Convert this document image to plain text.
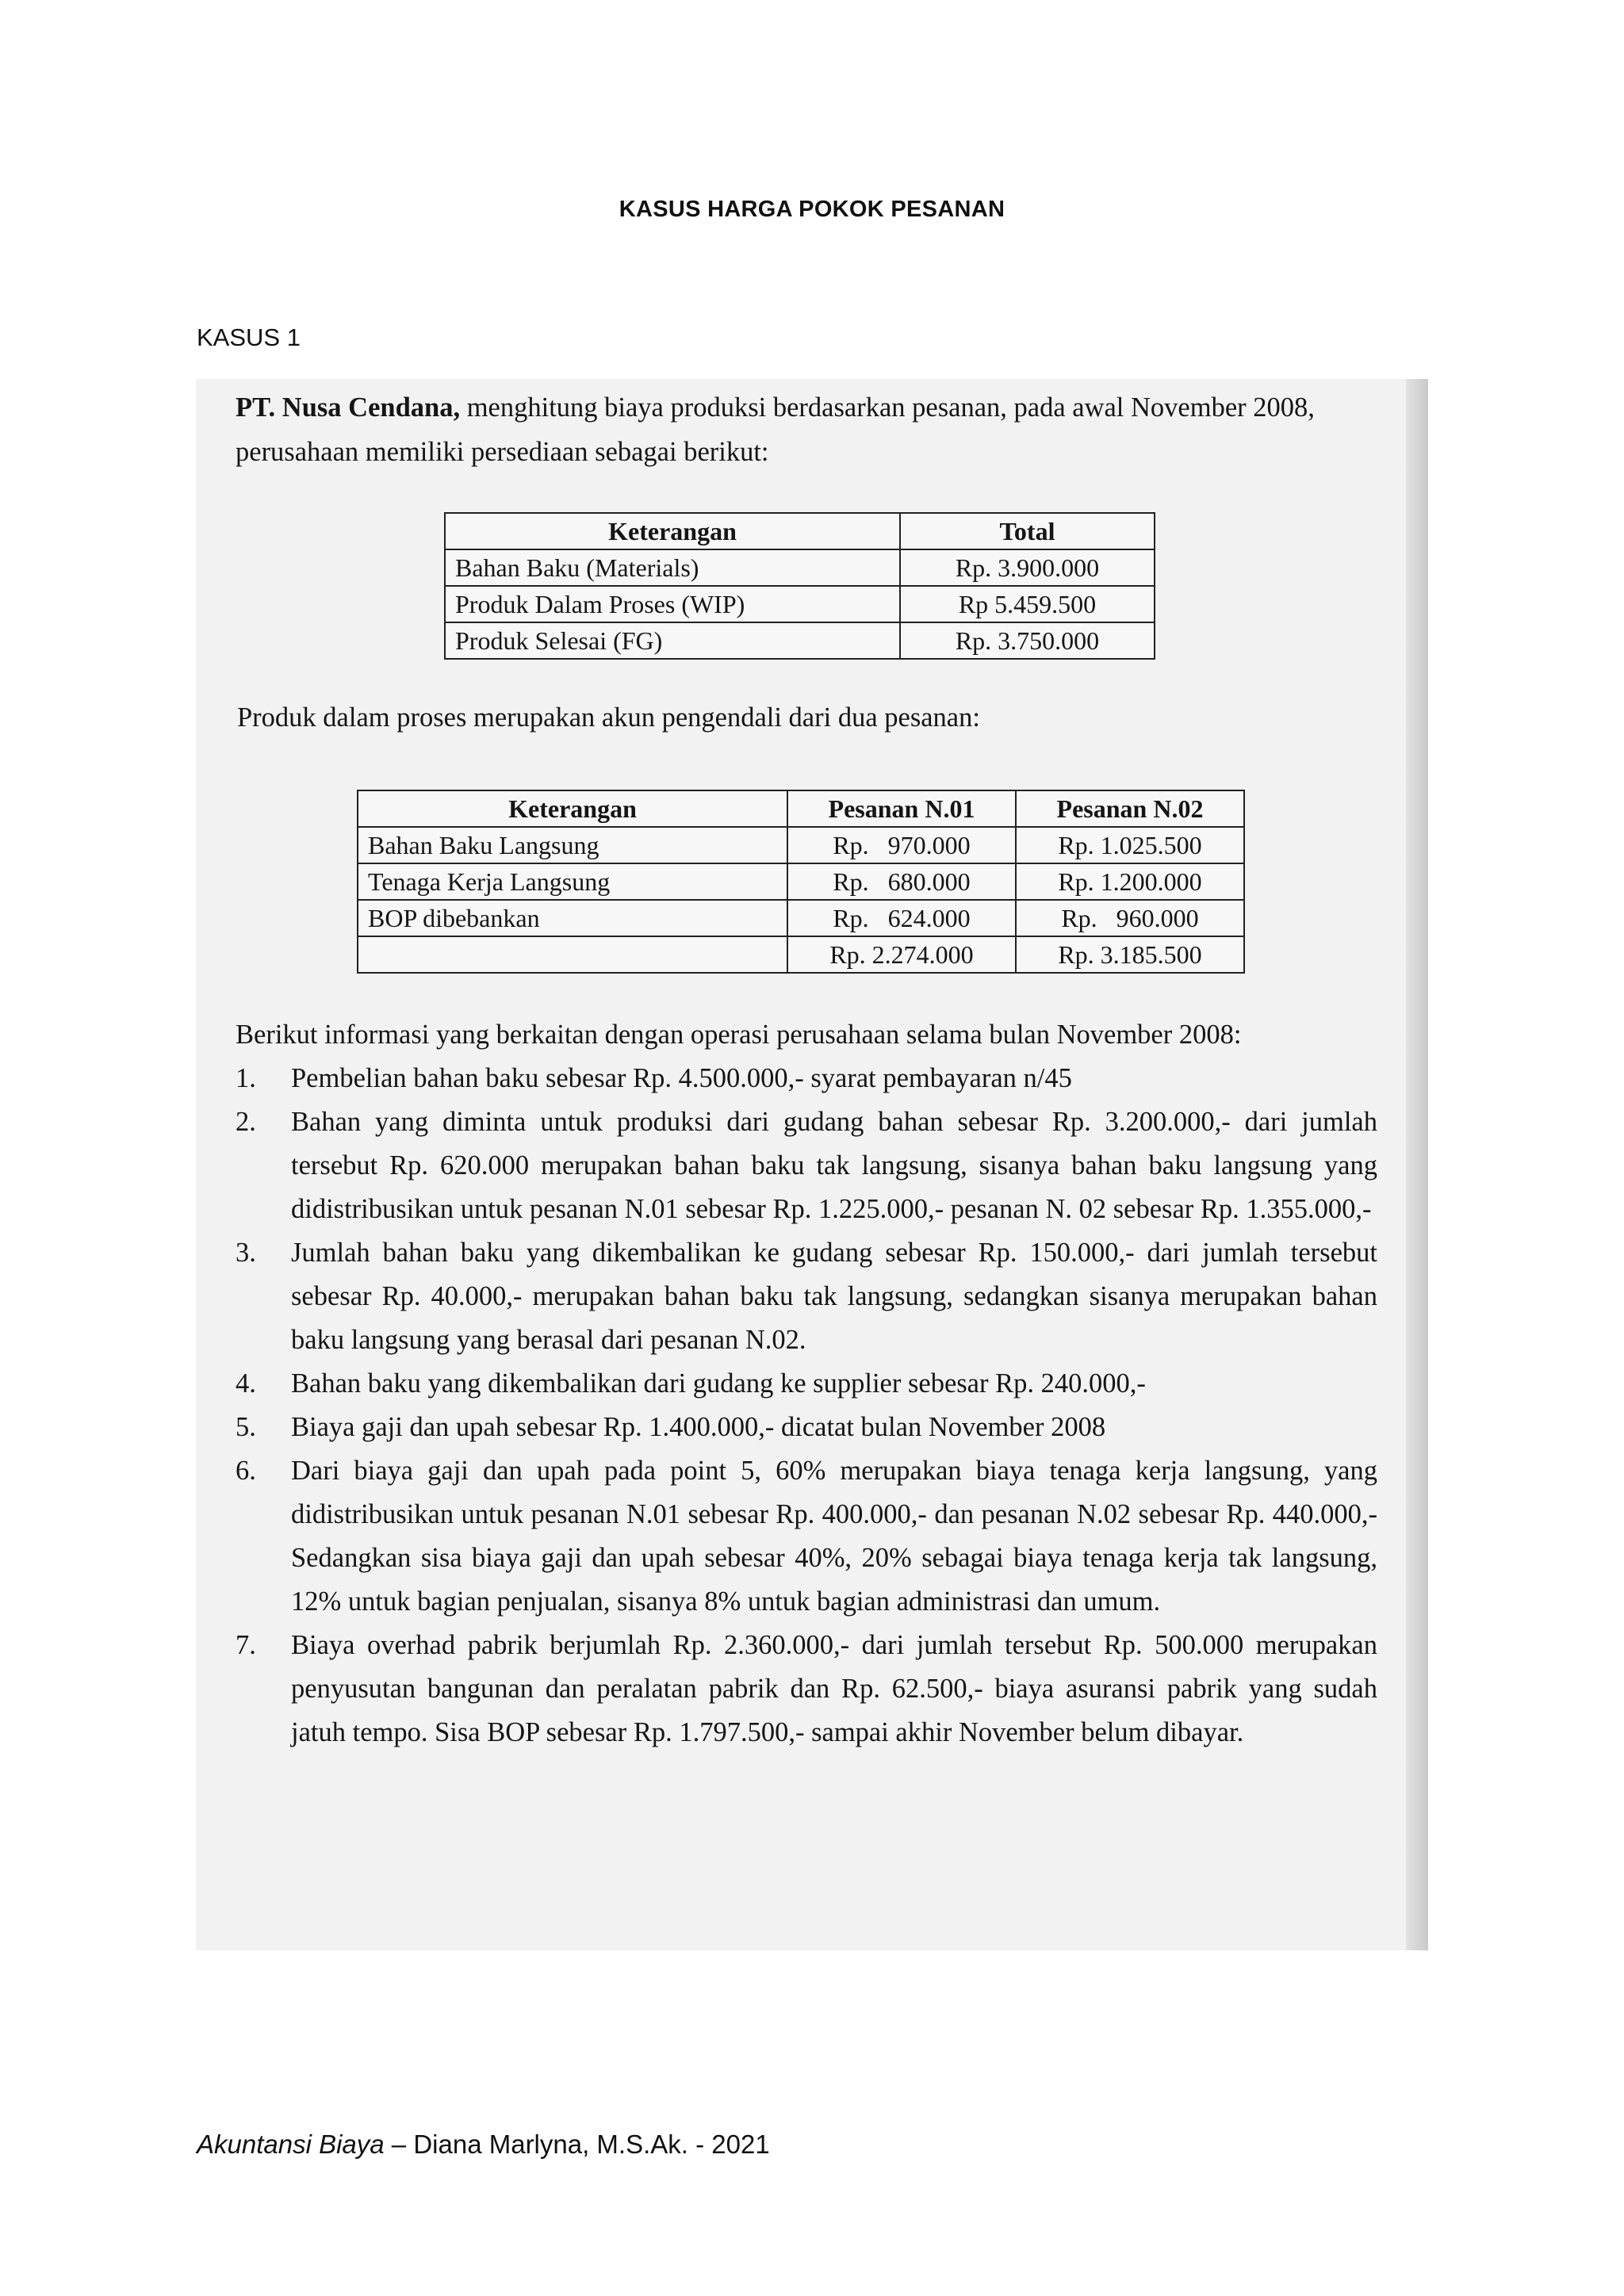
KASUS HARGA POKOK PESANAN
KASUS 1
PT. Nusa Cendana, menghitung biaya produksi berdasarkan pesanan, pada awal November 2008, perusahaan memiliki persediaan sebagai berikut:
Keterangan	Total
Bahan Baku (Materials)	Rp. 3.900.000
Produk Dalam Proses (WIP)	Rp 5.459.500
Produk Selesai (FG)	Rp. 3.750.000
Produk dalam proses merupakan akun pengendali dari dua pesanan:
Keterangan	Pesanan N.01	Pesanan N.02
Bahan Baku Langsung	Rp.   970.000	Rp. 1.025.500
Tenaga Kerja Langsung	Rp.   680.000	Rp. 1.200.000
BOP dibebankan	Rp.   624.000	Rp.   960.000
	Rp. 2.274.000	Rp. 3.185.500
Berikut informasi yang berkaitan dengan operasi perusahaan selama bulan November 2008:
1. Pembelian bahan baku sebesar Rp. 4.500.000,- syarat pembayaran n/45
2. Bahan yang diminta untuk produksi dari gudang bahan sebesar Rp. 3.200.000,- dari jumlah tersebut Rp. 620.000 merupakan bahan baku tak langsung, sisanya bahan baku langsung yang didistribusikan untuk pesanan N.01 sebesar Rp. 1.225.000,- pesanan N. 02 sebesar Rp. 1.355.000,-
3. Jumlah bahan baku yang dikembalikan ke gudang sebesar Rp. 150.000,- dari jumlah tersebut sebesar Rp. 40.000,- merupakan bahan baku tak langsung, sedangkan sisanya merupakan bahan baku langsung yang berasal dari pesanan N.02.
4. Bahan baku yang dikembalikan dari gudang ke supplier sebesar Rp. 240.000,-
5. Biaya gaji dan upah sebesar Rp. 1.400.000,- dicatat bulan November 2008
6. Dari biaya gaji dan upah pada point 5, 60% merupakan biaya tenaga kerja langsung, yang didistribusikan untuk pesanan N.01 sebesar Rp. 400.000,- dan pesanan N.02 sebesar Rp. 440.000,- Sedangkan sisa biaya gaji dan upah sebesar 40%, 20% sebagai biaya tenaga kerja tak langsung, 12% untuk bagian penjualan, sisanya 8% untuk bagian administrasi dan umum.
7. Biaya overhad pabrik berjumlah Rp. 2.360.000,- dari jumlah tersebut Rp. 500.000 merupakan penyusutan bangunan dan peralatan pabrik dan Rp. 62.500,- biaya asuransi pabrik yang sudah jatuh tempo. Sisa BOP sebesar Rp. 1.797.500,- sampai akhir November belum dibayar.
Akuntansi Biaya – Diana Marlyna, M.S.Ak. - 2021
